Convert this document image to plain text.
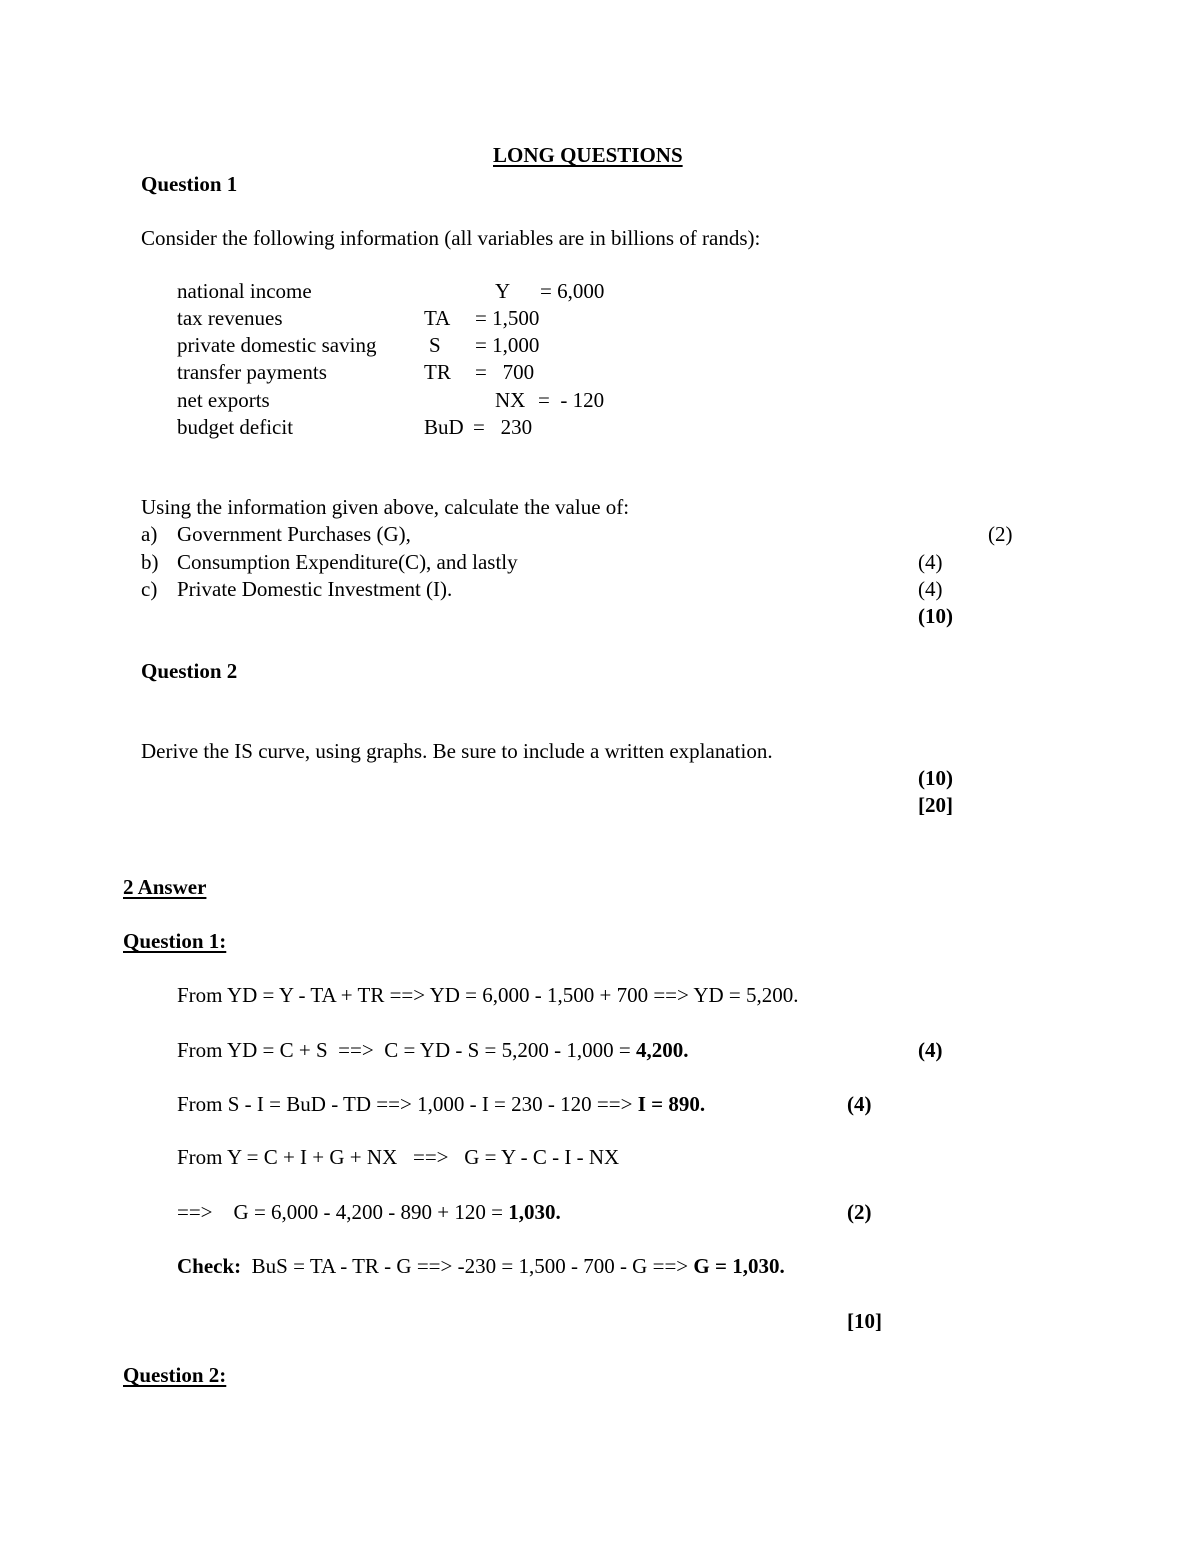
LONG QUESTIONS
Question 1
Consider the following information (all variables are in billions of rands):
national income	Y = 6,000
tax revenues	TA = 1,500
private domestic saving	S = 1,000
transfer payments	TR =   700
net exports	NX =  - 120
budget deficit	BuD =   230
Using the information given above, calculate the value of:
a) Government Purchases (G),	(2)
b) Consumption Expenditure(C), and lastly	(4)
c) Private Domestic Investment (I).	(4)
(10)
Question 2
Derive the IS curve, using graphs. Be sure to include a written explanation.
(10)
[20]
2 Answer
Question 1:
From YD = Y - TA + TR ==> YD = 6,000 - 1,500 + 700 ==> YD = 5,200.
From YD = C + S  ==>  C = YD - S = 5,200 - 1,000 = 4,200.	(4)
From S - I = BuD - TD ==> 1,000 - I = 230 - 120 ==> I = 890.	(4)
From Y = C + I + G + NX   ==>   G = Y - C - I - NX
==>    G = 6,000 - 4,200 - 890 + 120 = 1,030.	(2)
Check:  BuS = TA - TR - G ==> -230 = 1,500 - 700 - G ==> G = 1,030.
[10]
Question 2:
